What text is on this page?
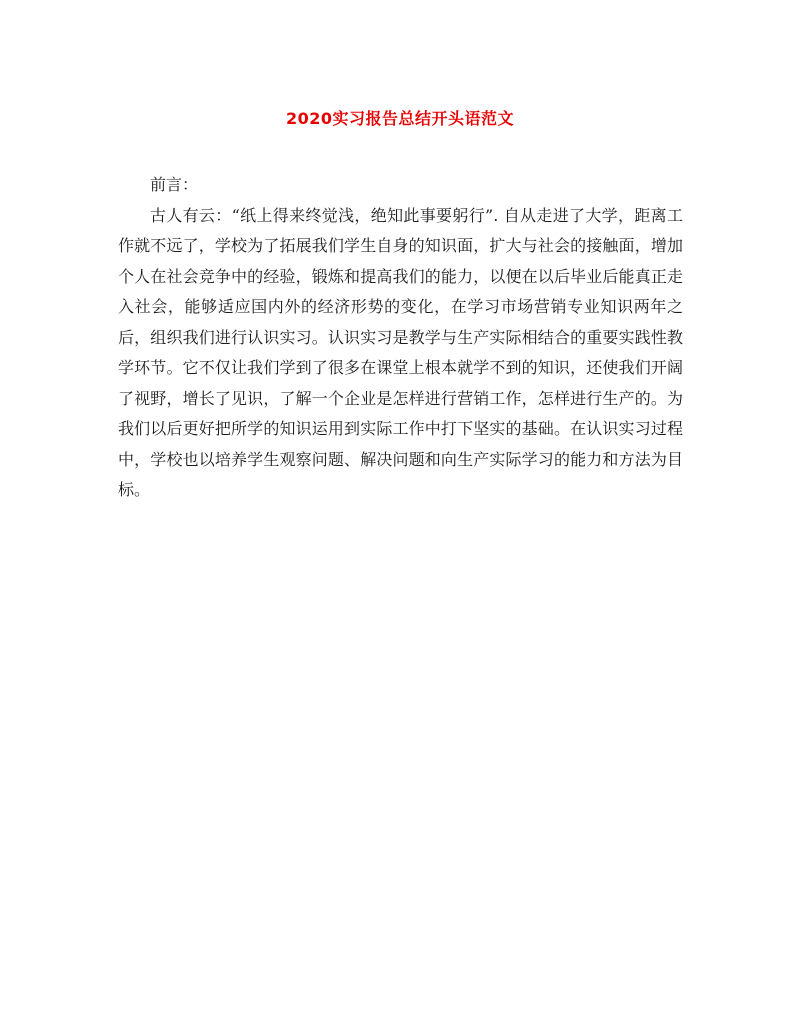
2020实习报告总结开头语范文

前言：

古人有云：“纸上得来终觉浅，绝知此事要躬行”. 自从走进了大学，距离工作就不远了，学校为了拓展我们学生自身的知识面，扩大与社会的接触面，增加个人在社会竞争中的经验，锻炼和提高我们的能力，以便在以后毕业后能真正走入社会，能够适应国内外的经济形势的变化，在学习市场营销专业知识两年之后，组织我们进行认识实习。认识实习是教学与生产实际相结合的重要实践性教学环节。它不仅让我们学到了很多在课堂上根本就学不到的知识，还使我们开阔了视野，增长了见识，了解一个企业是怎样进行营销工作，怎样进行生产的。为我们以后更好把所学的知识运用到实际工作中打下坚实的基础。在认识实习过程中，学校也以培养学生观察问题、解决问题和向生产实际学习的能力和方法为目标。
